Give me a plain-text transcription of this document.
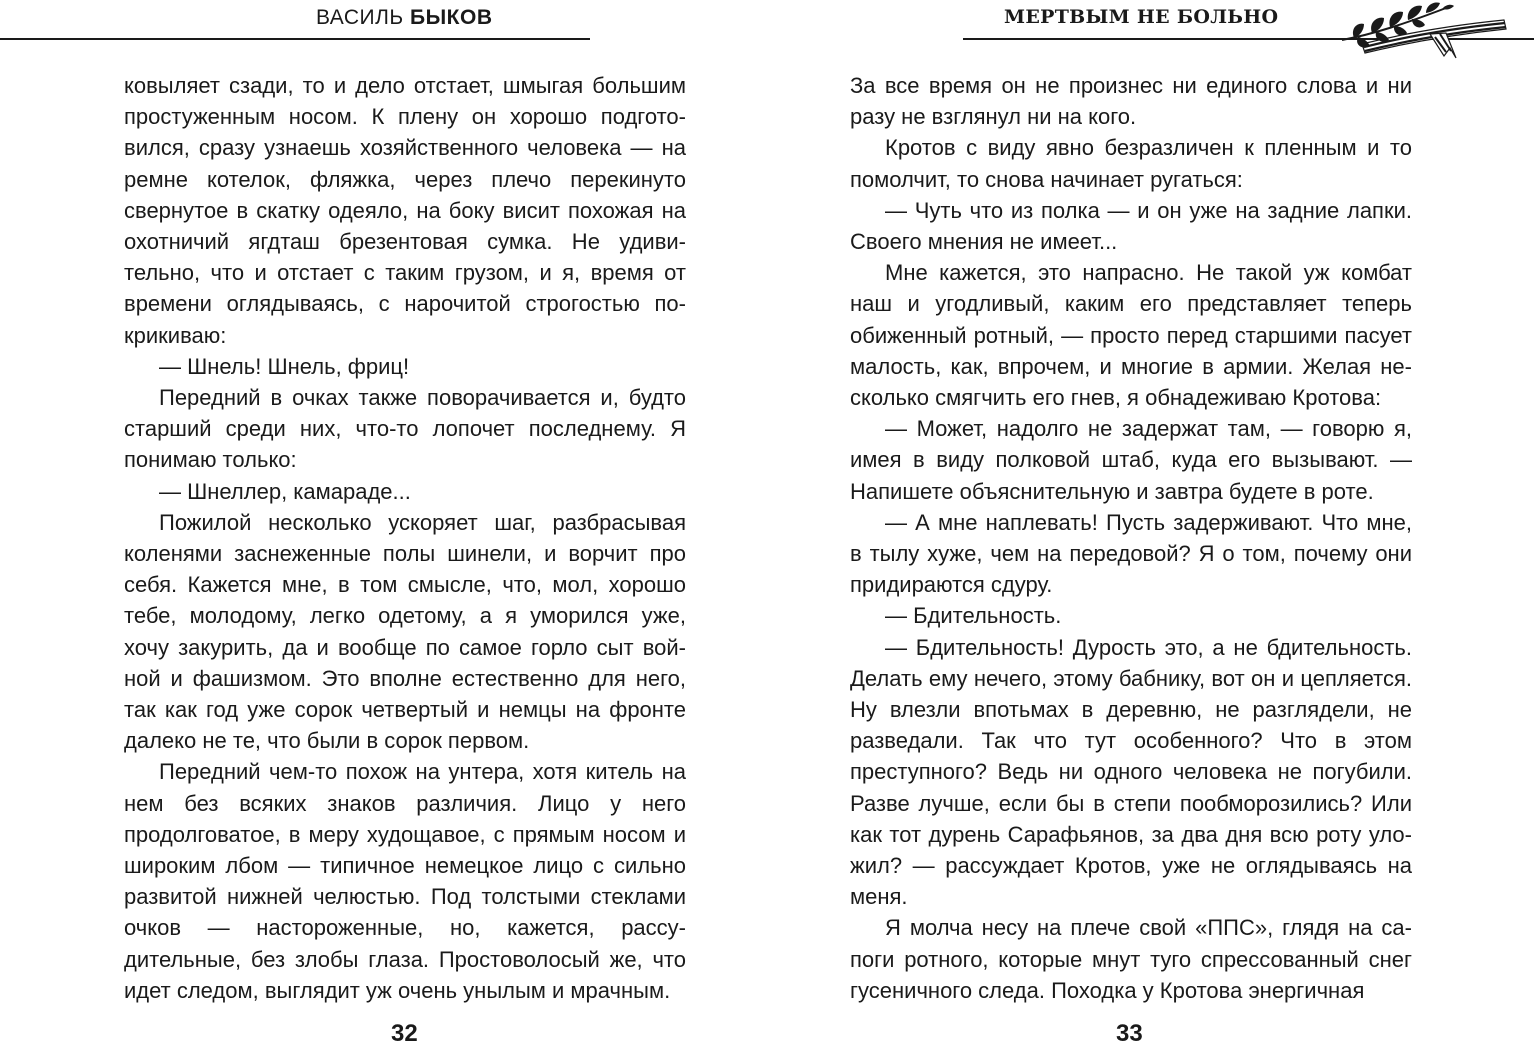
ВАСИЛЬ БЫКОВ

ковыляет сзади, то и дело отстает, шмыгая большим простуженным носом. К плену он хорошо подготовился, сразу узнаешь хозяйственного человека — на ремне котелок, фляжка, через плечо перекинуто свернутое в скатку одеяло, на боку висит похожая на охотничий ягдташ брезентовая сумка. Не удивительно, что и отстает с таким грузом, и я, время от времени оглядываясь, с нарочитой строгостью покрикиваю:

— Шнель! Шнель, фриц!

Передний в очках также поворачивается и, будто старший среди них, что-то лопочет последнему. Я понимаю только:

— Шнеллер, камараде...

Пожилой несколько ускоряет шаг, разбрасывая коленями заснеженные полы шинели, и ворчит про себя. Кажется мне, в том смысле, что, мол, хорошо тебе, молодому, легко одетому, а я уморился уже, хочу закурить, да и вообще по самое горло сыт войной и фашизмом. Это вполне естественно для него, так как год уже сорок четвертый и немцы на фронте далеко не те, что были в сорок первом.

Передний чем-то похож на унтера, хотя китель на нем без всяких знаков различия. Лицо у него продолговатое, в меру худощавое, с прямым носом и широким лбом — типичное немецкое лицо с сильно развитой нижней челюстью. Под толстыми стеклами очков — настороженные, но, кажется, рассудительные, без злобы глаза. Простоволосый же, что идет следом, выглядит уж очень унылым и мрачным.

32
МЕРТВЫМ НЕ БОЛЬНО

За все время он не произнес ни единого слова и ни разу не взглянул ни на кого.

Кротов с виду явно безразличен к пленным и то помолчит, то снова начинает ругаться:

— Чуть что из полка — и он уже на задние лапки. Своего мнения не имеет...

Мне кажется, это напрасно. Не такой уж комбат наш и угодливый, каким его представляет теперь обиженный ротный, — просто перед старшими пасует малость, как, впрочем, и многие в армии. Желая несколько смягчить его гнев, я обнадеживаю Кротова:

— Может, надолго не задержат там, — говорю я, имея в виду полковой штаб, куда его вызывают. — Напишете объяснительную и завтра будете в роте.

— А мне наплевать! Пусть задерживают. Что мне, в тылу хуже, чем на передовой? Я о том, почему они придираются сдуру.

— Бдительность.

— Бдительность! Дурость это, а не бдительность. Делать ему нечего, этому бабнику, вот он и цепляется. Ну влезли впотьмах в деревню, не разглядели, не разведали. Так что тут особенного? Что в этом преступного? Ведь ни одного человека не погубили. Разве лучше, если бы в степи пообморозились? Или как тот дурень Сарафьянов, за два дня всю роту уложил? — рассуждает Кротов, уже не оглядываясь на меня.

Я молча несу на плече свой «ППС», глядя на сапоги ротного, которые мнут туго спрессованный снег гусеничного следа. Походка у Кротова энергичная

33
